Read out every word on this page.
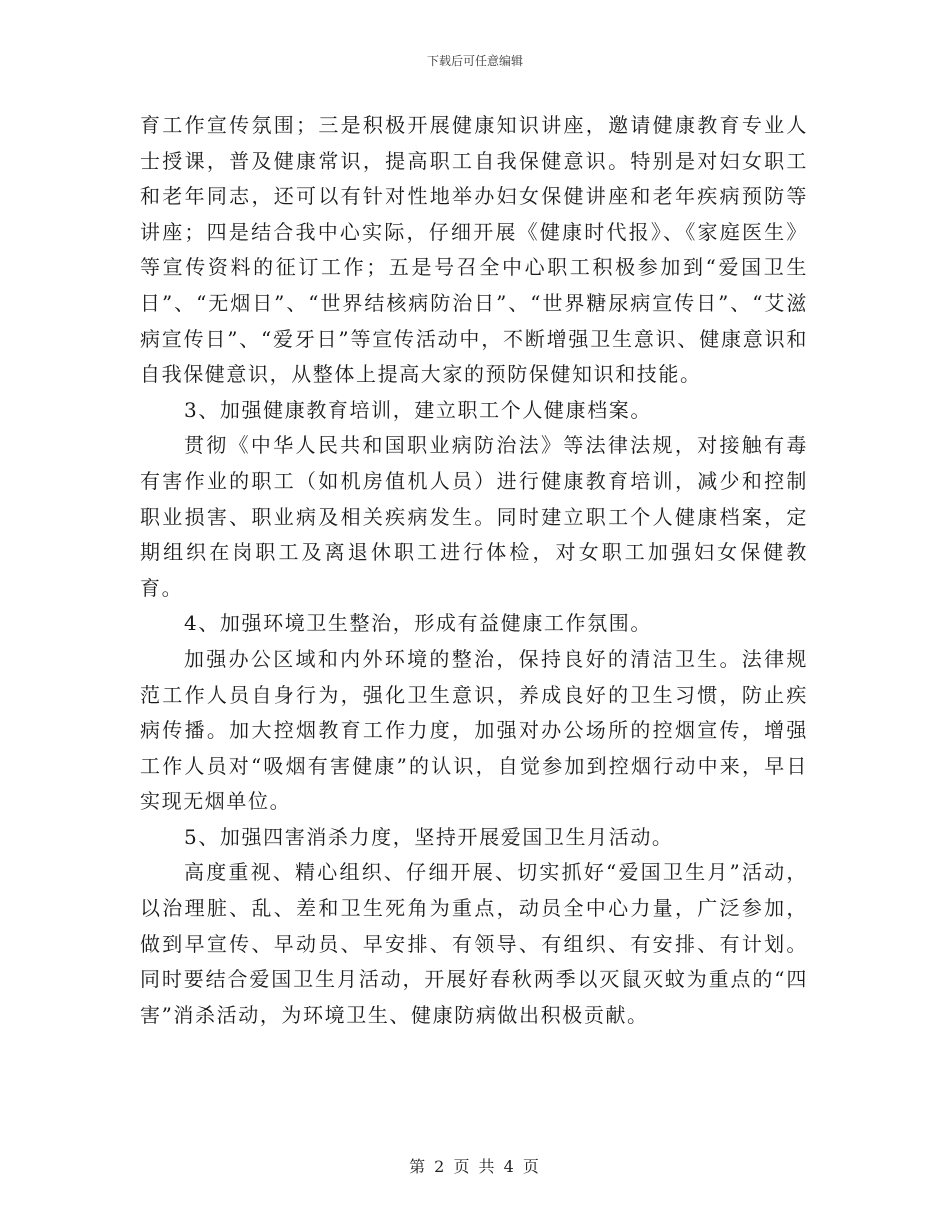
下载后可任意编辑

育工作宣传氛围；三是积极开展健康知识讲座，邀请健康教育专业人士授课，普及健康常识，提高职工自我保健意识。特别是对妇女职工和老年同志，还可以有针对性地举办妇女保健讲座和老年疾病预防等讲座；四是结合我中心实际，仔细开展《健康时代报》、《家庭医生》等宣传资料的征订工作；五是号召全中心职工积极参加到“爱国卫生日”、“无烟日”、“世界结核病防治日”、“世界糖尿病宣传日”、“艾滋病宣传日”、“爱牙日”等宣传活动中，不断增强卫生意识、健康意识和自我保健意识，从整体上提高大家的预防保健知识和技能。

3、加强健康教育培训，建立职工个人健康档案。

贯彻《中华人民共和国职业病防治法》等法律法规，对接触有毒有害作业的职工（如机房值机人员）进行健康教育培训，减少和控制职业损害、职业病及相关疾病发生。同时建立职工个人健康档案，定期组织在岗职工及离退休职工进行体检，对女职工加强妇女保健教育。

4、加强环境卫生整治，形成有益健康工作氛围。

加强办公区域和内外环境的整治，保持良好的清洁卫生。法律规范工作人员自身行为，强化卫生意识，养成良好的卫生习惯，防止疾病传播。加大控烟教育工作力度，加强对办公场所的控烟宣传，增强工作人员对“吸烟有害健康”的认识，自觉参加到控烟行动中来，早日实现无烟单位。

5、加强四害消杀力度，坚持开展爱国卫生月活动。

高度重视、精心组织、仔细开展、切实抓好“爱国卫生月”活动，以治理脏、乱、差和卫生死角为重点，动员全中心力量，广泛参加，做到早宣传、早动员、早安排、有领导、有组织、有安排、有计划。同时要结合爱国卫生月活动，开展好春秋两季以灭鼠灭蚊为重点的“四害”消杀活动，为环境卫生、健康防病做出积极贡献。

第 2 页 共 4 页
